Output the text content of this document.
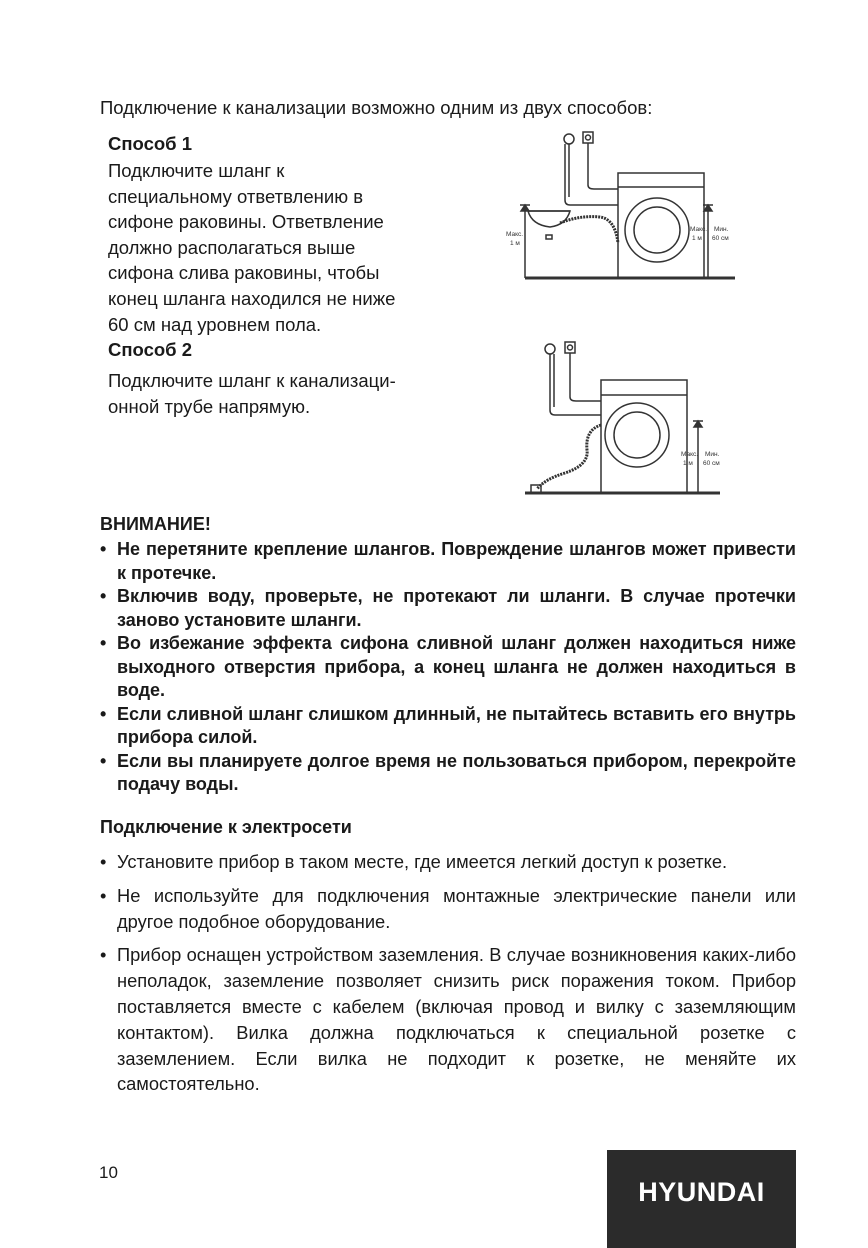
Подключение к канализации возможно одним из двух способов:
Способ 1
Подключите шланг к
специальному ответвлению в
сифоне раковины. Ответвление
должно располагаться выше
сифона слива раковины, чтобы
конец шланга находился не ниже
60 см над уровнем пола.
Способ 2
Подключите шланг к канализаци-
онной трубе напрямую.
Макс.
1 м
Макс.
1 м
Мин.
60 см
Макс.
1 м
Мин.
60 см
ВНИМАНИЕ!
• Не перетяните крепление шлангов. Повреждение шлангов может привести к протечке.
• Включив воду, проверьте, не протекают ли шланги. В случае протечки заново установите шланги.
• Во избежание эффекта сифона сливной шланг должен находиться ниже выходного отверстия прибора, а конец шланга не должен находиться в воде.
• Если сливной шланг слишком длинный, не пытайтесь вставить его внутрь прибора силой.
• Если вы планируете долгое время не пользоваться прибором, перекройте подачу воды.
Подключение к электросети
• Установите прибор в таком месте, где имеется легкий доступ к розетке.
• Не используйте для подключения монтажные электрические панели или другое подобное оборудование.
• Прибор оснащен устройством заземления. В случае возникновения каких-либо неполадок, заземление позволяет снизить риск поражения током. Прибор поставляется вместе с кабелем (включая провод и вилку с заземляющим контактом). Вилка должна подключаться к специальной розетке с заземлением. Если вилка не подходит к розетке, не меняйте их самостоятельно.
10
HYUNDAI
